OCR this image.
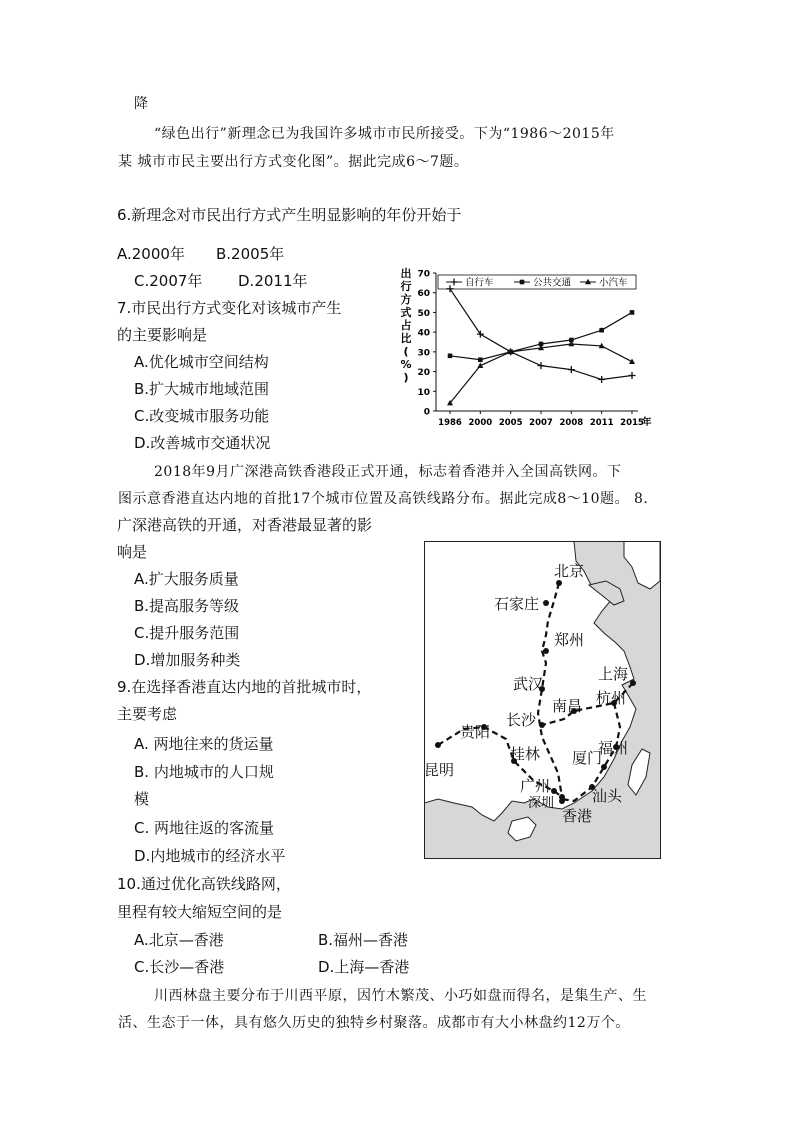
降
“绿色出行”新理念已为我国许多城市市民所接受。下为“1986～2015年
某 城市市民主要出行方式变化图”。据此完成6～7题。
6.新理念对市民出行方式产生明显影响的年份开始于
A.2000年 B.2005年
C.2007年 D.2011年
7.市民出行方式变化对该城市产生
的主要影响是
A.优化城市空间结构
B.扩大城市地域范围
C.改变城市服务功能
D.改善城市交通状况
2018年9月广深港高铁香港段正式开通，标志着香港并入全国高铁网。下
图示意香港直达内地的首批17个城市位置及高铁线路分布。据此完成8～10题。 8.
广深港高铁的开通，对香港最显著的影
响是
A.扩大服务质量
B.提高服务等级
C.提升服务范围
D.增加服务种类
9.在选择香港直达内地的首批城市时，
主要考虑
A. 两地往来的货运量
B. 内地城市的人口规
模
C. 两地往返的客流量
D.内地城市的经济水平
10.通过优化高铁线路网，
里程有较大缩短空间的是
A.北京—香港	B.福州—香港
C.长沙—香港	D.上海—香港
川西林盘主要分布于川西平原，因竹木繁茂、小巧如盘而得名，是集生产、生
活、生态于一体，具有悠久历史的独特乡村聚落。成都市有大小林盘约12万个。
出
行
方
式
占
比
(
%
)
自行车	公共交通	小汽车
0
10
20
30
40
50
60
70
1986 2000 2005 2007 2008 2011 2015
年
北京
石家庄
郑州
武汉
上海
杭州
南昌
长沙
贵阳
福州
桂林 厦门
昆明
广州
深圳	汕头
香港
